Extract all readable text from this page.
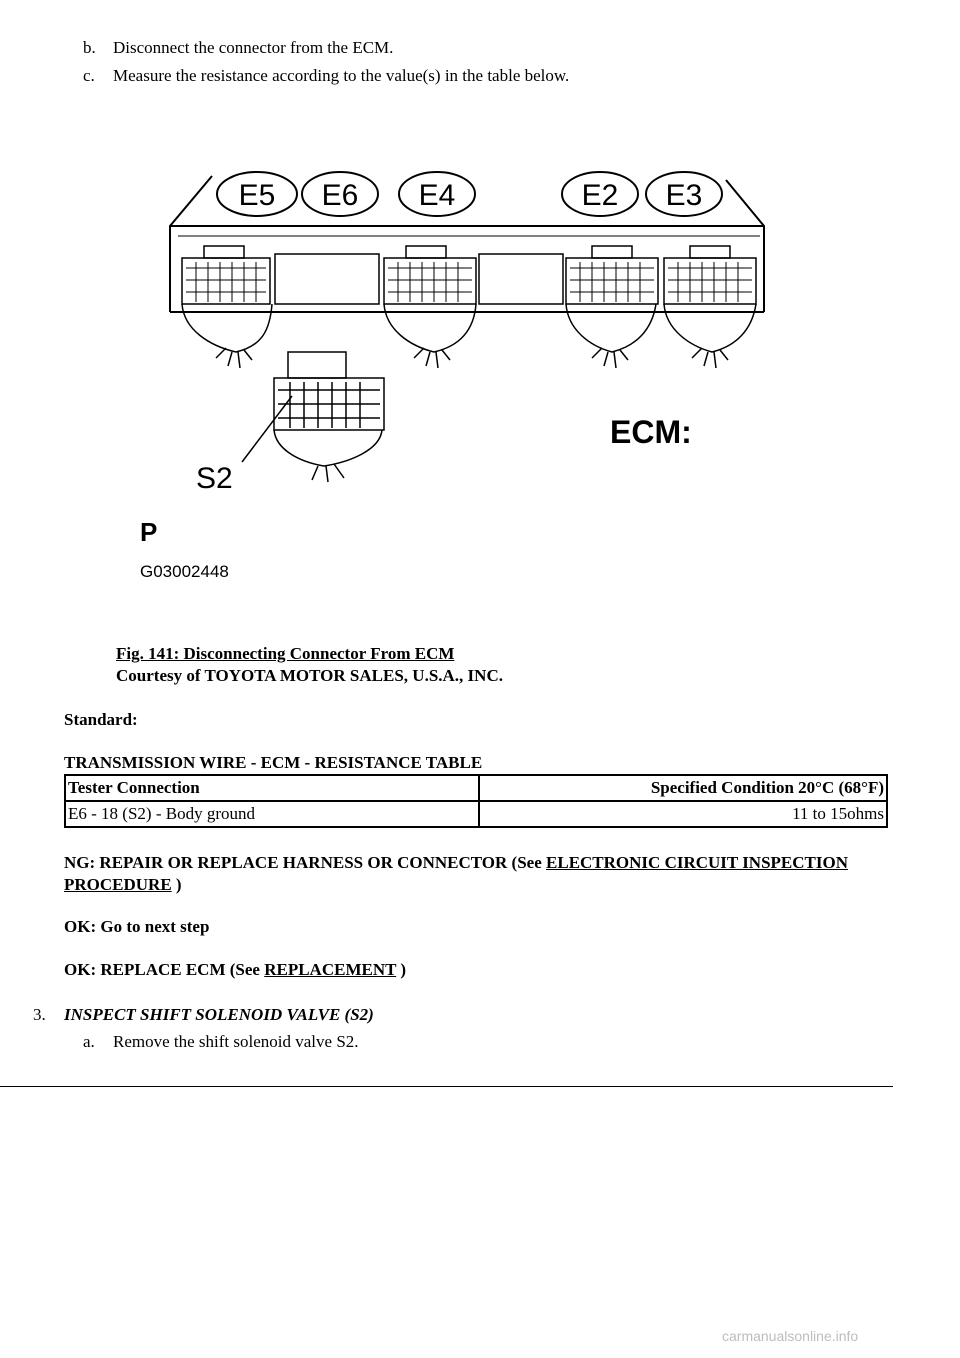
b. Disconnect the connector from the ECM.
c. Measure the resistance according to the value(s) in the table below.
E5 E6 E4	E2 E3
S2
ECM:
P
G03002448
Fig. 141: Disconnecting Connector From ECM
Courtesy of TOYOTA MOTOR SALES, U.S.A., INC.
Standard:
TRANSMISSION WIRE - ECM - RESISTANCE TABLE
Tester Connection	Specified Condition 20°C (68°F)
E6 - 18 (S2) - Body ground	11 to 15ohms
NG: REPAIR OR REPLACE HARNESS OR CONNECTOR (See ELECTRONIC CIRCUIT INSPECTION PROCEDURE )
OK: Go to next step
OK: REPLACE ECM (See REPLACEMENT )
3. INSPECT SHIFT SOLENOID VALVE (S2)
a. Remove the shift solenoid valve S2.
carmanualsonline.info
